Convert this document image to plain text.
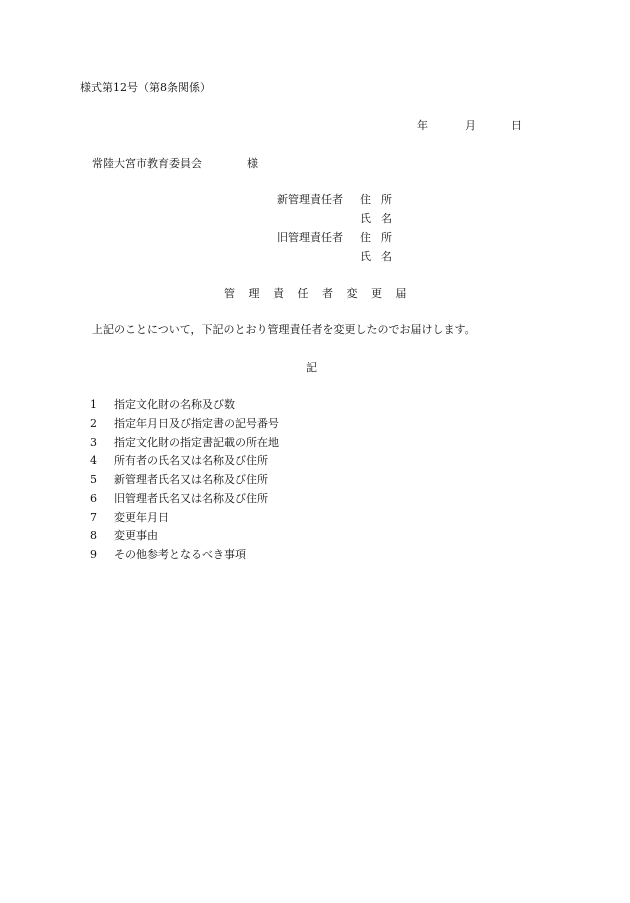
様式第12号（第8条関係）
年	月	日
常陸大宮市教育委員会	様
新管理責任者 住所
氏名
旧管理責任者 住所
氏名
管理責任者変更届
上記のことについて，下記のとおり管理責任者を変更したのでお届けします。
記
1 指定文化財の名称及び数
2 指定年月日及び指定書の記号番号
3 指定文化財の指定書記載の所在地
4 所有者の氏名又は名称及び住所
5 新管理者氏名又は名称及び住所
6 旧管理者氏名又は名称及び住所
7 変更年月日
8 変更事由
9 その他参考となるべき事項
